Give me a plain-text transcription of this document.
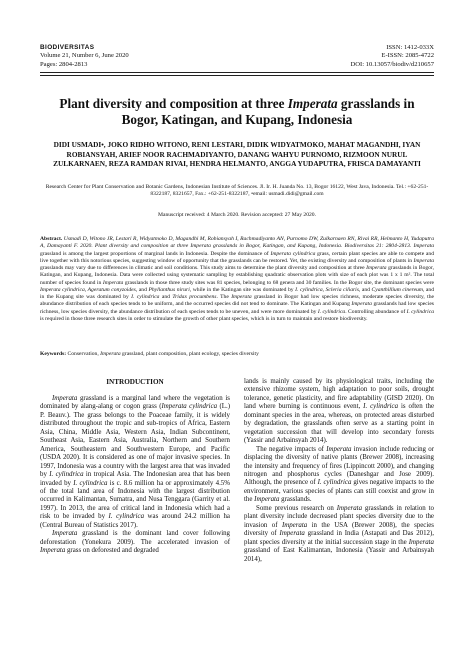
BIODIVERSITAS
Volume 21, Number 6, June 2020
Pages: 2804-2813
ISSN: 1412-033X
E-ISSN: 2085-4722
DOI: 10.13057/biodiv/d210657
Plant diversity and composition at three Imperata grasslands in Bogor, Katingan, and Kupang, Indonesia
DIDI USMADI•, JOKO RIDHO WITONO, RENI LESTARI, DIDIK WIDYATMOKO, MAHAT MAGANDHI, IYAN ROBIANSYAH, ARIEF NOOR RACHMADIYANTO, DANANG WAHYU PURNOMO, RIZMOON NURUL ZULKARNAEN, REZA RAMDAN RIVAI, HENDRA HELMANTO, ANGGA YUDAPUTRA, FRISCA DAMAYANTI
Research Center for Plant Conservation and Botanic Gardens, Indonesian Institute of Sciences. Jl. Ir. H. Juanda No. 13, Bogor 16122, West Java, Indonesia. Tel.: +62-251-8322187, 8321657, Fax.: +62-251-8322187, •email: usmadi.didi@gmail.com
Manuscript received: 4 March 2020. Revision accepted: 27 May 2020.
Abstract. Usmadi D, Witono JR, Lestari R, Widyatmoko D, Magandhi M, Robiansyah I, Rachmadiyanto AN, Purnomo DW, Zulkarnaen RN, Rivai RR, Helmanto H, Yudaputra A, Damayanti F. 2020. Plant diversity and composition at three Imperata grasslands in Bogor, Katingan, and Kupang, Indonesia. Biodiversitas 21: 2804-2813. Imperata grassland is among the largest proportions of marginal lands in Indonesia. Despite the dominance of Imperata cylindrica grass, certain plant species are able to compete and live together with this notorious species, suggesting window of opportunity that the grasslands can be restored. Yet, the existing diversity and composition of plants in Imperata grasslands may vary due to differences in climatic and soil conditions. This study aims to determine the plant diversity and composition at three Imperata grasslands in Bogor, Katingan, and Kupang, Indonesia. Data were collected using systematic sampling by establishing quadratic observation plots with size of each plot was 1 x 1 m². The total number of species found in Imperata grasslands in those three study sites was 81 species, belonging to 68 genera and 30 families. In the Bogor site, the dominant species were Imperata cylindrica, Ageratum conyzoides, and Phyllanthus niruri, while in the Katingan site was dominated by I. cylindrica, Scleria ciliaris, and Cyanthillium cinereum, and in the Kupang site was dominated by I. cylindrica and Tridax procumbens. The Imperata grassland in Bogor had low species richness, moderate species diversity, the abundance distribution of each species tends to be uniform, and the occurred species did not tend to dominate. The Katingan and Kupang Imperata grasslands had low species richness, low species diversity, the abundance distribution of each species tends to be uneven, and were more dominated by I. cylindrica. Controlling abundance of I. cylindrica is required in those three research sites in order to stimulate the growth of other plant species, which is in turn to maintain and restore biodiversity.
Keywords: Conservation, Imperata grassland, plant composition, plant ecology, species diversity
INTRODUCTION

Imperata grassland is a marginal land where the vegetation is dominated by alang-alang or cogon grass (Imperata cylindrica (L.) P. Beauv.). The grass belongs to the Poaceae family, it is widely distributed throughout the tropic and sub-tropics of Africa, Eastern Asia, China, Middle Asia, Western Asia, Indian Subcontinent, Southeast Asia, Eastern Asia, Australia, Northern and Southern America, Southeastern and Southwestern Europe, and Pacific (USDA 2020). It is considered as one of major invasive species. In 1997, Indonesia was a country with the largest area that was invaded by I. cylindrica in tropical Asia. The Indonesian area that has been invaded by I. cylindrica is c. 8.6 million ha or approximately 4.5% of the total land area of Indonesia with the largest distribution occurred in Kalimantan, Sumatra, and Nusa Tenggara (Garrity et al. 1997). In 2013, the area of critical land in Indonesia which had a risk to be invaded by I. cylindrica was around 24.2 million ha (Central Bureau of Statistics 2017).

Imperata grassland is the dominant land cover following deforestation (Yonekura 2009). The accelerated invasion of Imperata grass on deforested and degraded

lands is mainly caused by its physiological traits, including the extensive rhizome system, high adaptation to poor soils, drought tolerance, genetic plasticity, and fire adaptability (GISD 2020). On land where burning is continuous event, I. cylindrica is often the dominant species in the area, whereas, on protected areas disturbed by degradation, the grasslands often serve as a starting point in vegetation succession that will develop into secondary forests (Yassir and Arbainsyah 2014).

The negative impacts of Imperata invasion include reducing or displacing the diversity of native plants (Brewer 2008), increasing the intensity and frequency of fires (Lippincott 2000), and changing nitrogen and phosphorus cycles (Daneshgar and Jose 2009). Although, the presence of I. cylindrica gives negative impacts to the environment, various species of plants can still coexist and grow in the Imperata grasslands.

Some previous research on Imperata grasslands in relation to plant diversity include decreased plant species diversity due to the invasion of Imperata in the USA (Brewer 2008), the species diversity of Imperata grassland in India (Astapati and Das 2012), plant species diversity at the initial succession stage in the Imperata grassland of East Kalimantan, Indonesia (Yassir and Arbainsyah 2014),
